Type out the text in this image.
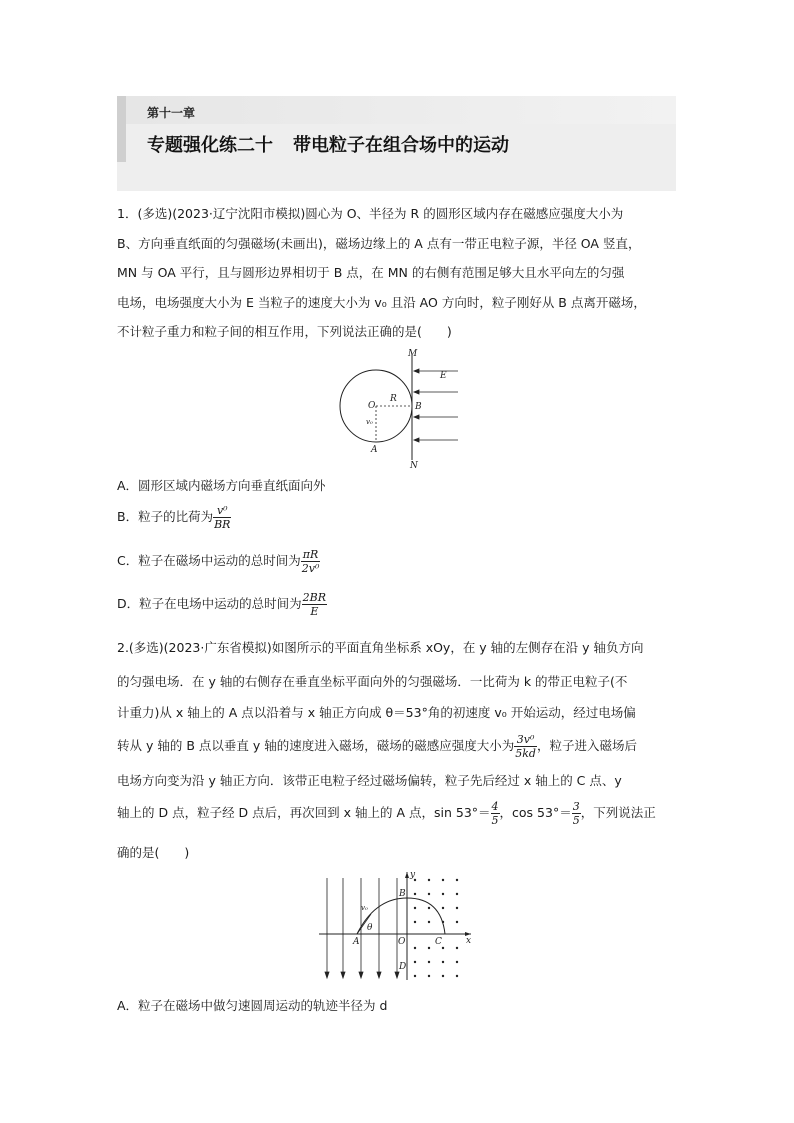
第十一章
专题强化练二十 带电粒子在组合场中的运动
1．(多选)(2023·辽宁沈阳市模拟)圆心为 O、半径为 R 的圆形区域内存在磁感应强度大小为
B、方向垂直纸面的匀强磁场(未画出)，磁场边缘上的 A 点有一带正电粒子源，半径 OA 竖直，
MN 与 OA 平行，且与圆形边界相切于 B 点，在 MN 的右侧有范围足够大且水平向左的匀强
电场，电场强度大小为 E 当粒子的速度大小为 v₀ 且沿 AO 方向时，粒子刚好从 B 点离开磁场，
不计粒子重力和粒子间的相互作用，下列说法正确的是(　　)
M
E
O
R
B
v₀
A
N
A．圆形区域内磁场方向垂直纸面向外
B．粒子的比荷为 $\frac{\text{v⁰}}{BR}$
C．粒子在磁场中运动的总时间为 $\frac{\pi R}{\text{2v⁰}}$
D．粒子在电场中运动的总时间为 $\frac{2BR}{E}$
2.(多选)(2023·广东省模拟)如图所示的平面直角坐标系 xOy，在 y 轴的左侧存在沿 y 轴负方向
的匀强电场．在 y 轴的右侧存在垂直坐标平面向外的匀强磁场．一比荷为 k 的带正电粒子(不
计重力)从 x 轴上的 A 点以沿着与 x 轴正方向成 θ＝53°角的初速度 v₀ 开始运动，经过电场偏
转从 y 轴的 B 点以垂直 y 轴的速度进入磁场，磁场的磁感应强度大小为 $\frac{\text{3v⁰}}{5kd}$ ，粒子进入磁场后
电场方向变为沿 y 轴正方向．该带正电粒子经过磁场偏转，粒子先后经过 x 轴上的 C 点、y
轴上的 D 点，粒子经 D 点后，再次回到 x 轴上的 A 点，$\sin 53^\circ= \frac{4}{5}$ ，$\cos 53^\circ= \frac{3}{5}$ ，下列说法正
确的是(　　)
y
B
v₀
θ
A	O	C	x
D
A．粒子在磁场中做匀速圆周运动的轨迹半径为 d
